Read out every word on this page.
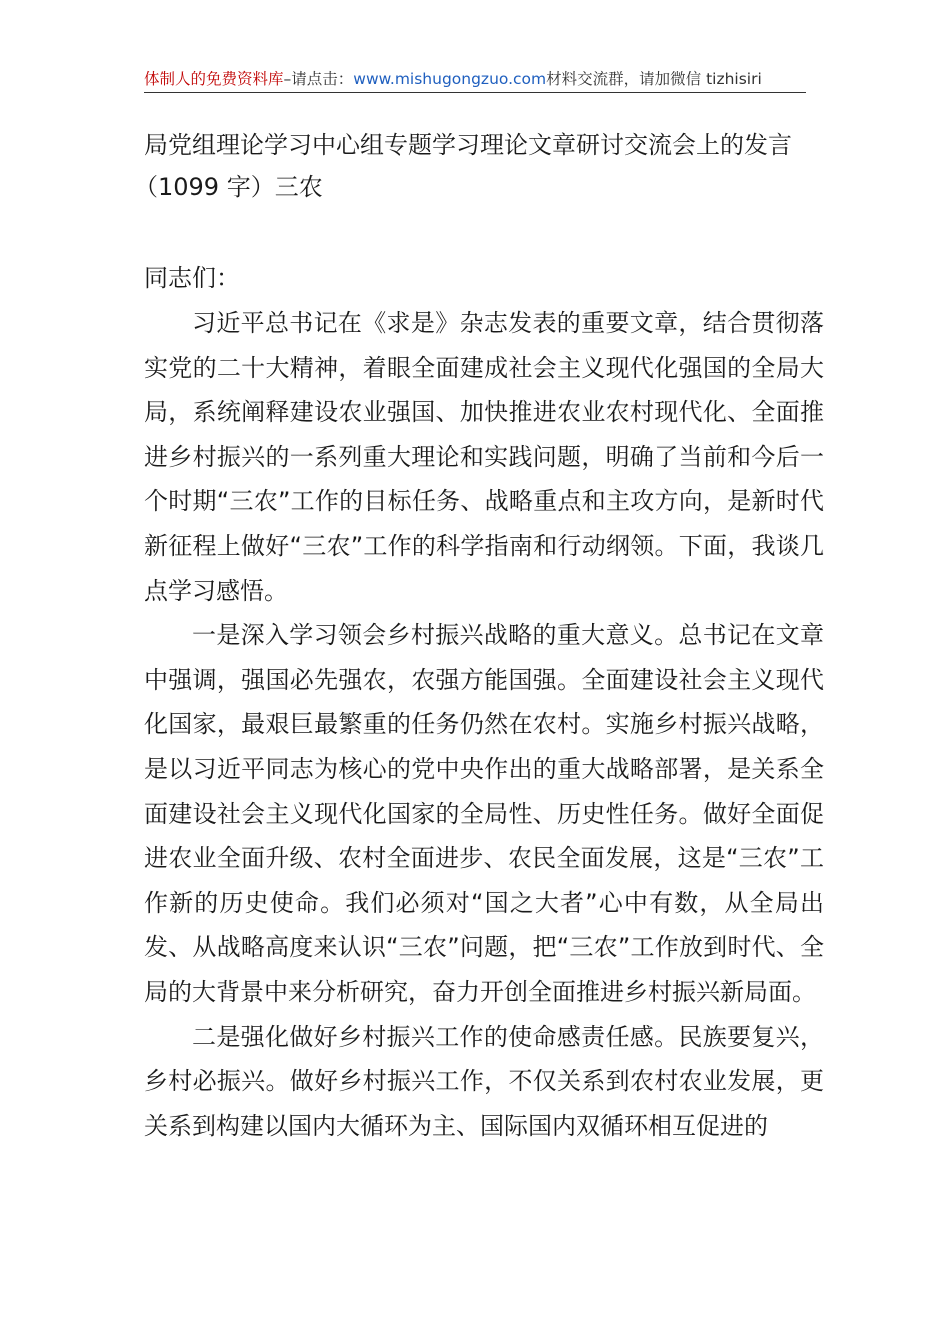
体制人的免费资料库–请点击：www.mishugongzuo.com材料交流群，请加微信 tizhisiri
局党组理论学习中心组专题学习理论文章研讨交流会上的发言
（1099 字）三农

同志们：

习近平总书记在《求是》杂志发表的重要文章，结合贯彻落实党的二十大精神，着眼全面建成社会主义现代化强国的全局大局，系统阐释建设农业强国、加快推进农业农村现代化、全面推进乡村振兴的一系列重大理论和实践问题，明确了当前和今后一个时期“三农”工作的目标任务、战略重点和主攻方向，是新时代新征程上做好“三农”工作的科学指南和行动纲领。下面，我谈几点学习感悟。

一是深入学习领会乡村振兴战略的重大意义。总书记在文章中强调，强国必先强农，农强方能国强。全面建设社会主义现代化国家，最艰巨最繁重的任务仍然在农村。实施乡村振兴战略，是以习近平同志为核心的党中央作出的重大战略部署，是关系全面建设社会主义现代化国家的全局性、历史性任务。做好全面促进农业全面升级、农村全面进步、农民全面发展，这是“三农”工作新的历史使命。我们必须对“国之大者”心中有数，从全局出发、从战略高度来认识“三农”问题，把“三农”工作放到时代、全局的大背景中来分析研究，奋力开创全面推进乡村振兴新局面。

二是强化做好乡村振兴工作的使命感责任感。民族要复兴，乡村必振兴。做好乡村振兴工作，不仅关系到农村农业发展，更关系到构建以国内大循环为主、国际国内双循环相互促进的
